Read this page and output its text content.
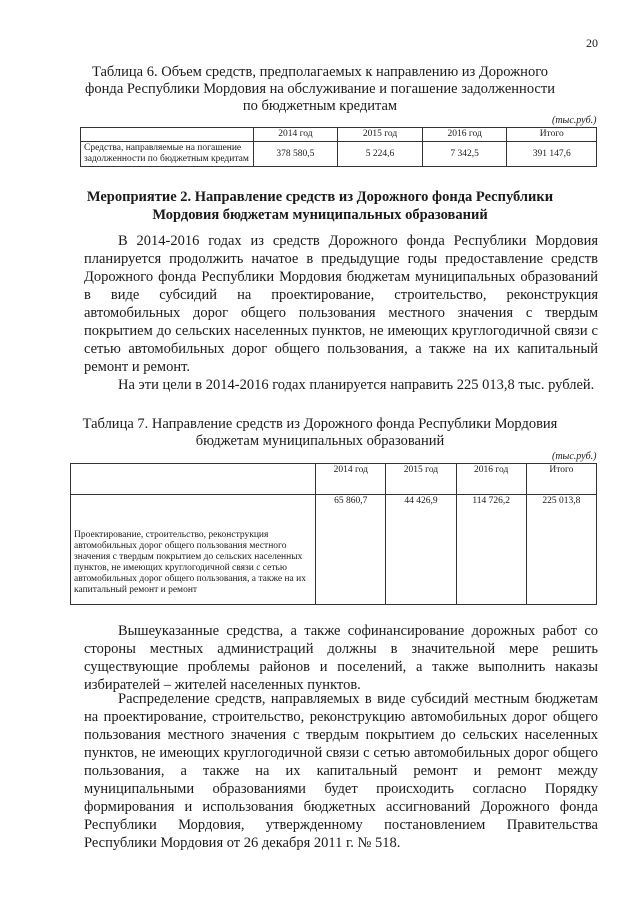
20
Таблица 6. Объем средств, предполагаемых к направлению из Дорожного фонда Республики Мордовия на обслуживание и погашение задолженности по бюджетным кредитам
(тыс.руб.)
	2014 год	2015 год	2016 год	Итого
Средства, направляемые на погашение задолженности по бюджетным кредитам	378 580,5	5 224,6	7 342,5	391 147,6
Мероприятие 2. Направление средств из Дорожного фонда Республики Мордовия бюджетам муниципальных образований
В 2014-2016 годах из средств Дорожного фонда Республики Мордовия планируется продолжить начатое в предыдущие годы предоставление средств Дорожного фонда Республики Мордовия бюджетам муниципальных образований в виде субсидий на проектирование, строительство, реконструкция автомобильных дорог общего пользования местного значения с твердым покрытием до сельских населенных пунктов, не имеющих круглогодичной связи с сетью автомобильных дорог общего пользования, а также на их капитальный ремонт и ремонт.
На эти цели в 2014-2016 годах планируется направить 225 013,8 тыс. рублей.
Таблица 7. Направление средств из Дорожного фонда Республики Мордовия бюджетам муниципальных образований
(тыс.руб.)
	2014 год	2015 год	2016 год	Итого
Проектирование, строительство, реконструкция автомобильных дорог общего пользования местного значения с твердым покрытием до сельских населенных пунктов, не имеющих круглогодичной связи с сетью автомобильных дорог общего пользования, а также на их капитальный ремонт и ремонт	65 860,7	44 426,9	114 726,2	225 013,8
Вышеуказанные средства, а также софинансирование дорожных работ со стороны местных администраций должны в значительной мере решить существующие проблемы районов и поселений, а также выполнить наказы избирателей – жителей населенных пунктов.
Распределение средств, направляемых в виде субсидий местным бюджетам на проектирование, строительство, реконструкцию автомобильных дорог общего пользования местного значения с твердым покрытием до сельских населенных пунктов, не имеющих круглогодичной связи с сетью автомобильных дорог общего пользования, а также на их капитальный ремонт и ремонт между муниципальными образованиями будет происходить согласно Порядку формирования и использования бюджетных ассигнований Дорожного фонда Республики Мордовия, утвержденному постановлением Правительства Республики Мордовия от 26 декабря 2011 г. № 518.
